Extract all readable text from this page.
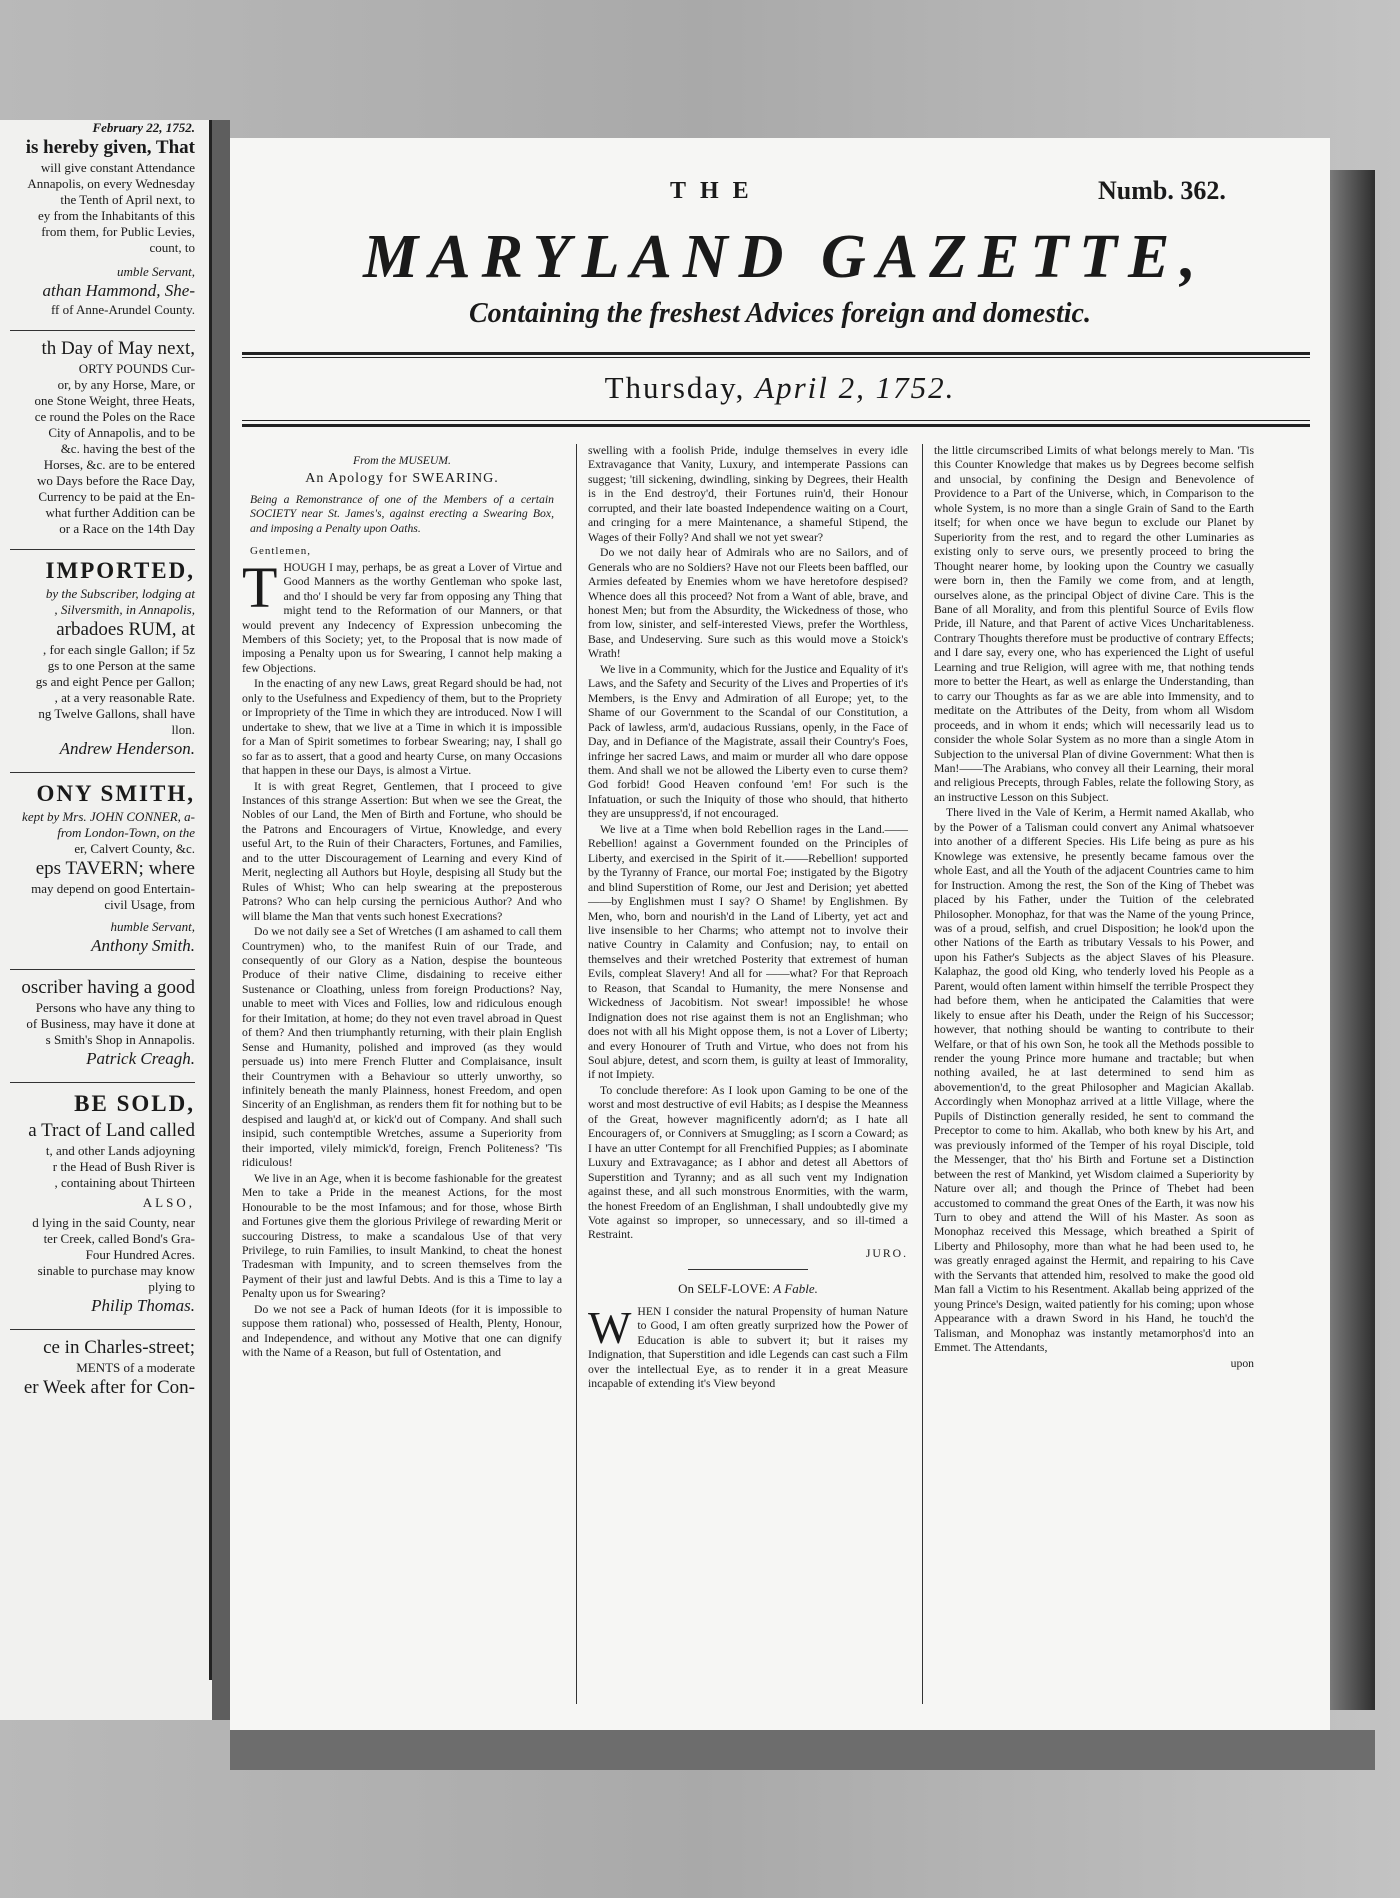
February 22, 1752.
is hereby given, That
will give constant Attendance
Annapolis, on every Wednesday
the Tenth of April next, to
ey from the Inhabitants of this
from them, for Public Levies,
count, to
umble Servant,
athan Hammond, She-
ff of Anne-Arundel County.
th Day of May next,
ORTY POUNDS Cur-
or, by any Horse, Mare, or
one Stone Weight, three Heats,
ce round the Poles on the Race
City of Annapolis, and to be
&c. having the best of the
Horses, &c. are to be entered
wo Days before the Race Day,
Currency to be paid at the En-
what further Addition can be
or a Race on the 14th Day
IMPORTED,
by the Subscriber, lodging at
, Silversmith, in Annapolis,
arbadoes RUM, at
, for each single Gallon; if 5z
gs to one Person at the same
gs and eight Pence per Gallon;
, at a very reasonable Rate.
ng Twelve Gallons, shall have
llon.
Andrew Henderson.
ONY SMITH,
kept by Mrs. JOHN CONNER, a-
from London-Town, on the
er, Calvert County, &c.
eps TAVERN; where
may depend on good Entertain-
civil Usage, from
humble Servant,
Anthony Smith.
oscriber having a good
Persons who have any thing to
of Business, may have it done at
s Smith's Shop in Annapolis.
Patrick Creagh.
BE SOLD,
a Tract of Land called
t, and other Lands adjoyning
r the Head of Bush River is
, containing about Thirteen
ALSO,
d lying in the said County, near
ter Creek, called Bond's Gra-
Four Hundred Acres.
sinable to purchase may know
plying to
Philip Thomas.
ce in Charles-street;
MENTS of a moderate
er Week after for Con-
THE	Numb. 362.
MARYLAND GAZETTE,
Containing the freshest Advices foreign and domestic.
Thursday, April 2, 1752.

From the MUSEUM.

An Apology for SWEARING.

Being a Remonstrance of one of the Members of a certain SOCIETY near St. James's, against erecting a Swearing Box, and imposing a Penalty upon Oaths.

Gentlemen,

THOUGH I may, perhaps, be as great a Lover of Virtue and Good Manners as the worthy Gentleman who spoke last, and tho' I should be very far from opposing any Thing that might tend to the Reformation of our Manners, or that would prevent any Indecency of Expression unbecoming the Members of this Society; yet, to the Proposal that is now made of imposing a Penalty upon us for Swearing, I cannot help making a few Objections.

In the enacting of any new Laws, great Regard should be had, not only to the Usefulness and Expediency of them, but to the Propriety or Impropriety of the Time in which they are introduced. Now I will undertake to shew, that we live at a Time in which it is impossible for a Man of Spirit sometimes to forbear Swearing; nay, I shall go so far as to assert, that a good and hearty Curse, on many Occasions that happen in these our Days, is almost a Virtue.

It is with great Regret, Gentlemen, that I proceed to give Instances of this strange Assertion: But when we see the Great, the Nobles of our Land, the Men of Birth and Fortune, who should be the Patrons and Encouragers of Virtue, Knowledge, and every useful Art, to the Ruin of their Characters, Fortunes, and Families, and to the utter Discouragement of Learning and every Kind of Merit, neglecting all Authors but Hoyle, despising all Study but the Rules of Whist; Who can help swearing at the preposterous Patrons? Who can help cursing the pernicious Author? And who will blame the Man that vents such honest Execrations?

Do we not daily see a Set of Wretches (I am ashamed to call them Countrymen) who, to the manifest Ruin of our Trade, and consequently of our Glory as a Nation, despise the bounteous Produce of their native Clime, disdaining to receive either Sustenance or Cloathing, unless from foreign Productions? Nay, unable to meet with Vices and Follies, low and ridiculous enough for their Imitation, at home; do they not even travel abroad in Quest of them? And then triumphantly returning, with their plain English Sense and Humanity, polished and improved (as they would persuade us) into mere French Flutter and Complaisance, insult their Countrymen with a Behaviour so utterly unworthy, so infinitely beneath the manly Plainness, honest Freedom, and open Sincerity of an Englishman, as renders them fit for nothing but to be despised and laugh'd at, or kick'd out of Company. And shall such insipid, such contemptible Wretches, assume a Superiority from their imported, vilely mimick'd, foreign, French Politeness? 'Tis ridiculous!

We live in an Age, when it is become fashionable for the greatest Men to take a Pride in the meanest Actions, for the most Honourable to be the most Infamous; and for those, whose Birth and Fortunes give them the glorious Privilege of rewarding Merit or succouring Distress, to make a scandalous Use of that very Privilege, to ruin Families, to insult Mankind, to cheat the honest Tradesman with Impunity, and to screen themselves from the Payment of their just and lawful Debts. And is this a Time to lay a Penalty upon us for Swearing?

Do we not see a Pack of human Ideots (for it is impossible to suppose them rational) who, possessed of Health, Plenty, Honour, and Independence, and without any Motive that one can dignify with the Name of a Reason, but full of Ostentation, and

swelling with a foolish Pride, indulge themselves in every idle Extravagance that Vanity, Luxury, and intemperate Passions can suggest; 'till sickening, dwindling, sinking by Degrees, their Health is in the End destroy'd, their Fortunes ruin'd, their Honour corrupted, and their late boasted Independence waiting on a Court, and cringing for a mere Maintenance, a shameful Stipend, the Wages of their Folly? And shall we not yet swear?

Do we not daily hear of Admirals who are no Sailors, and of Generals who are no Soldiers? Have not our Fleets been baffled, our Armies defeated by Enemies whom we have heretofore despised? Whence does all this proceed? Not from a Want of able, brave, and honest Men; but from the Absurdity, the Wickedness of those, who from low, sinister, and self-interested Views, prefer the Worthless, Base, and Undeserving. Sure such as this would move a Stoick's Wrath!

We live in a Community, which for the Justice and Equality of it's Laws, and the Safety and Security of the Lives and Properties of it's Members, is the Envy and Admiration of all Europe; yet, to the Shame of our Government to the Scandal of our Constitution, a Pack of lawless, arm'd, audacious Russians, openly, in the Face of Day, and in Defiance of the Magistrate, assail their Country's Foes, infringe her sacred Laws, and maim or murder all who dare oppose them. And shall we not be allowed the Liberty even to curse them? God forbid! Good Heaven confound 'em! For such is the Infatuation, or such the Iniquity of those who should, that hitherto they are unsuppress'd, if not encouraged.

We live at a Time when bold Rebellion rages in the Land.——Rebellion! against a Government founded on the Principles of Liberty, and exercised in the Spirit of it.——Rebellion! supported by the Tyranny of France, our mortal Foe; instigated by the Bigotry and blind Superstition of Rome, our Jest and Derision; yet abetted——by Englishmen must I say? O Shame! by Englishmen. By Men, who, born and nourish'd in the Land of Liberty, yet act and live insensible to her Charms; who attempt not to involve their native Country in Calamity and Confusion; nay, to entail on themselves and their wretched Posterity that extremest of human Evils, compleat Slavery! And all for ——what? For that Reproach to Reason, that Scandal to Humanity, the mere Nonsense and Wickedness of Jacobitism. Not swear! impossible! he whose Indignation does not rise against them is not an Englishman; who does not with all his Might oppose them, is not a Lover of Liberty; and every Honourer of Truth and Virtue, who does not from his Soul abjure, detest, and scorn them, is guilty at least of Immorality, if not Impiety.

To conclude therefore: As I look upon Gaming to be one of the worst and most destructive of evil Habits; as I despise the Meanness of the Great, however magnificently adorn'd; as I hate all Encouragers of, or Connivers at Smuggling; as I scorn a Coward; as I have an utter Contempt for all Frenchified Puppies; as I abominate Luxury and Extravagance; as I abhor and detest all Abettors of Superstition and Tyranny; and as all such vent my Indignation against these, and all such monstrous Enormities, with the warm, the honest Freedom of an Englishman, I shall undoubtedly give my Vote against so improper, so unnecessary, and so ill-timed a Restraint.

JURO.

On SELF-LOVE: A Fable.

WHEN I consider the natural Propensity of human Nature to Good, I am often greatly surprized how the Power of Education is able to subvert it; but it raises my Indignation, that Superstition and idle Legends can cast such a Film over the intellectual Eye, as to render it in a great Measure incapable of extending it's View beyond

the little circumscribed Limits of what belongs merely to Man. 'Tis this Counter Knowledge that makes us by Degrees become selfish and unsocial, by confining the Design and Benevolence of Providence to a Part of the Universe, which, in Comparison to the whole System, is no more than a single Grain of Sand to the Earth itself; for when once we have begun to exclude our Planet by Superiority from the rest, and to regard the other Luminaries as existing only to serve ours, we presently proceed to bring the Thought nearer home, by looking upon the Country we casually were born in, then the Family we come from, and at length, ourselves alone, as the principal Object of divine Care. This is the Bane of all Morality, and from this plentiful Source of Evils flow Pride, ill Nature, and that Parent of active Vices Uncharitableness. Contrary Thoughts therefore must be productive of contrary Effects; and I dare say, every one, who has experienced the Light of useful Learning and true Religion, will agree with me, that nothing tends more to better the Heart, as well as enlarge the Understanding, than to carry our Thoughts as far as we are able into Immensity, and to meditate on the Attributes of the Deity, from whom all Wisdom proceeds, and in whom it ends; which will necessarily lead us to consider the whole Solar System as no more than a single Atom in Subjection to the universal Plan of divine Government: What then is Man!——The Arabians, who convey all their Learning, their moral and religious Precepts, through Fables, relate the following Story, as an instructive Lesson on this Subject.

There lived in the Vale of Kerim, a Hermit named Akallab, who by the Power of a Talisman could convert any Animal whatsoever into another of a different Species. His Life being as pure as his Knowlege was extensive, he presently became famous over the whole East, and all the Youth of the adjacent Countries came to him for Instruction. Among the rest, the Son of the King of Thebet was placed by his Father, under the Tuition of the celebrated Philosopher. Monophaz, for that was the Name of the young Prince, was of a proud, selfish, and cruel Disposition; he look'd upon the other Nations of the Earth as tributary Vessals to his Power, and upon his Father's Subjects as the abject Slaves of his Pleasure. Kalaphaz, the good old King, who tenderly loved his People as a Parent, would often lament within himself the terrible Prospect they had before them, when he anticipated the Calamities that were likely to ensue after his Death, under the Reign of his Successor; however, that nothing should be wanting to contribute to their Welfare, or that of his own Son, he took all the Methods possible to render the young Prince more humane and tractable; but when nothing availed, he at last determined to send him as abovemention'd, to the great Philosopher and Magician Akallab. Accordingly when Monophaz arrived at a little Village, where the Pupils of Distinction generally resided, he sent to command the Preceptor to come to him. Akallab, who both knew by his Art, and was previously informed of the Temper of his royal Disciple, told the Messenger, that tho' his Birth and Fortune set a Distinction between the rest of Mankind, yet Wisdom claimed a Superiority by Nature over all; and though the Prince of Thebet had been accustomed to command the great Ones of the Earth, it was now his Turn to obey and attend the Will of his Master. As soon as Monophaz received this Message, which breathed a Spirit of Liberty and Philosophy, more than what he had been used to, he was greatly enraged against the Hermit, and repairing to his Cave with the Servants that attended him, resolved to make the good old Man fall a Victim to his Resentment. Akallab being apprized of the young Prince's Design, waited patiently for his coming; upon whose Appearance with a drawn Sword in his Hand, he touch'd the Talisman, and Monophaz was instantly metamorphos'd into an Emmet. The Attendants,

upon
